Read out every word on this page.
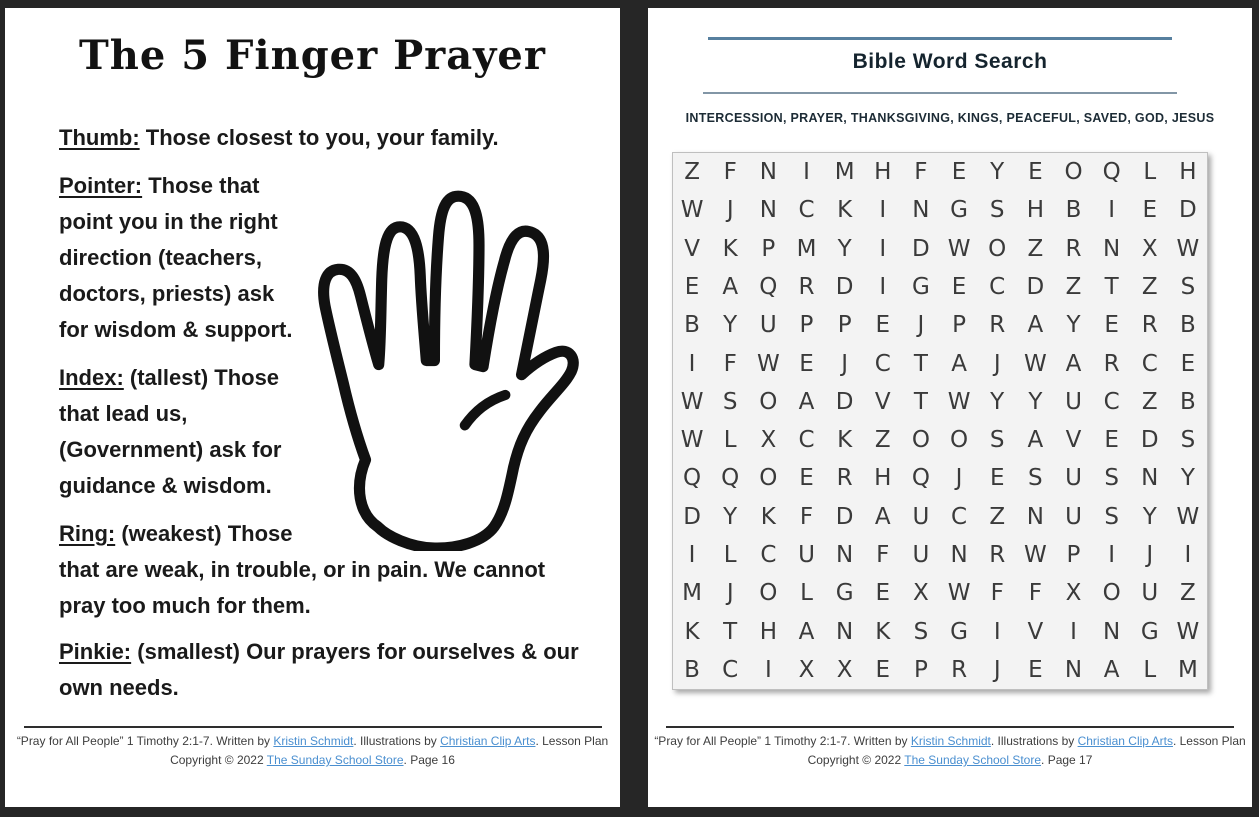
The 5 Finger Prayer
Thumb: Those closest to you, your family.
Pointer: Those that
point you in the right
direction (teachers,
doctors, priests) ask
for wisdom & support.
Index: (tallest) Those
that lead us,
(Government) ask for
guidance & wisdom.
Ring: (weakest) Those
that are weak, in trouble, or in pain. We cannot
pray too much for them.
Pinkie: (smallest) Our prayers for ourselves & our
own needs.
“Pray for All People” 1 Timothy 2:1-7. Written by Kristin Schmidt. Illustrations by Christian Clip Arts. Lesson Plan
Copyright © 2022 The Sunday School Store. Page 16
Bible Word Search
INTERCESSION, PRAYER, THANKSGIVING, KINGS, PEACEFUL, SAVED, GOD, JESUS
Z	F N	I	M H F	E	Y	E O Q L	H
W	J	N C K	I	N G S H B	I	E D
V K	P M Y	I	D W O Z R N X W
E	A Q R D	I	G E C D Z	T	Z S
B	Y U P	P	E	J	P	R A	Y	E R B
I	F W E	J	C	T	A	J	W A R C E
W S O A D V	T W Y	Y U C Z B
W L	X C K Z O O S A V	E D S
Q Q O E R H Q	J	E	S U S N Y
D Y	K	F D A U C Z N U S	Y W
I	L	C U N F	U N R W P	I	J	I
M	J	O L G E X W F	F	X O U Z
K	T H A N K	S G	I	V	I	N G W
B C	I	X X E	P	R	J	E N A	L M
“Pray for All People” 1 Timothy 2:1-7. Written by Kristin Schmidt. Illustrations by Christian Clip Arts. Lesson Plan
Copyright © 2022 The Sunday School Store. Page 17
